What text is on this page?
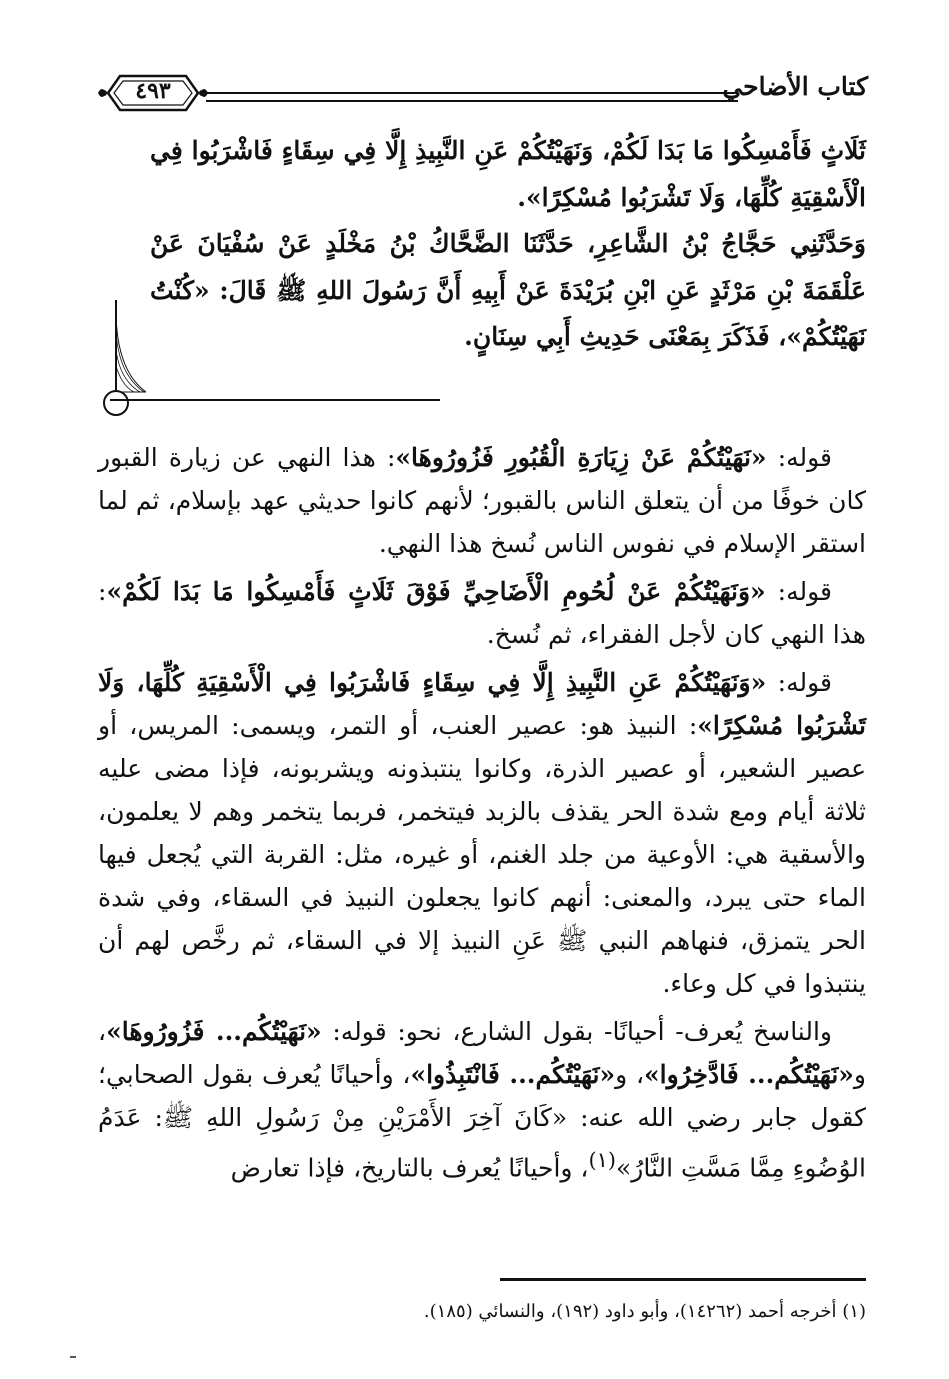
كتاب الأضاحي
٤٩٣

ثَلَاثٍ فَأَمْسِكُوا مَا بَدَا لَكُمْ، وَنَهَيْتُكُمْ عَنِ النَّبِيذِ إِلَّا فِي سِقَاءٍ فَاشْرَبُوا فِي الْأَسْقِيَةِ كُلِّهَا، وَلَا تَشْرَبُوا مُسْكِرًا».

وَحَدَّثَنِي حَجَّاجُ بْنُ الشَّاعِرِ، حَدَّثَنَا الضَّحَّاكُ بْنُ مَخْلَدٍ عَنْ سُفْيَانَ عَنْ عَلْقَمَةَ بْنِ مَرْثَدٍ عَنِ ابْنِ بُرَيْدَةَ عَنْ أَبِيهِ أَنَّ رَسُولَ اللهِ ﷺ قَالَ: «كُنْتُ نَهَيْتُكُمْ»، فَذَكَرَ بِمَعْنَى حَدِيثِ أَبِي سِنَانٍ.

قوله: «نَهَيْتُكُمْ عَنْ زِيَارَةِ الْقُبُورِ فَزُورُوهَا»: هذا النهي عن زيارة القبور كان خوفًا من أن يتعلق الناس بالقبور؛ لأنهم كانوا حديثي عهد بإسلام، ثم لما استقر الإسلام في نفوس الناس نُسخ هذا النهي.

قوله: «وَنَهَيْتُكُمْ عَنْ لُحُومِ الْأَضَاحِيِّ فَوْقَ ثَلَاثٍ فَأَمْسِكُوا مَا بَدَا لَكُمْ»: هذا النهي كان لأجل الفقراء، ثم نُسخ.

قوله: «وَنَهَيْتُكُمْ عَنِ النَّبِيذِ إِلَّا فِي سِقَاءٍ فَاشْرَبُوا فِي الْأَسْقِيَةِ كُلِّهَا، وَلَا تَشْرَبُوا مُسْكِرًا»: النبيذ هو: عصير العنب، أو التمر، ويسمى: المريس، أو عصير الشعير، أو عصير الذرة، وكانوا ينتبذونه ويشربونه، فإذا مضى عليه ثلاثة أيام ومع شدة الحر يقذف بالزبد فيتخمر، فربما يتخمر وهم لا يعلمون، والأسقية هي: الأوعية من جلد الغنم، أو غيره، مثل: القربة التي يُجعل فيها الماء حتى يبرد، والمعنى: أنهم كانوا يجعلون النبيذ في السقاء، وفي شدة الحر يتمزق، فنهاهم النبي ﷺ عَنِ النبيذ إلا في السقاء، ثم رخَّص لهم أن ينتبذوا في كل وعاء.

والناسخ يُعرف- أحيانًا- بقول الشارع، نحو: قوله: «نَهَيْتُكُم... فَزُورُوهَا»، و«نَهَيْتُكُم... فَادَّخِرُوا»، و«نَهَيْتُكُم... فَانْتَبِذُوا»، وأحيانًا يُعرف بقول الصحابي؛ كقول جابر رضي الله عنه: «كَانَ آخِرَ الأَمْرَيْنِ مِنْ رَسُولِ اللهِ ﷺ: عَدَمُ الوُضُوءِ مِمَّا مَسَّتِ النَّارُ»$^{(١)}$، وأحيانًا يُعرف بالتاريخ، فإذا تعارض

(١) أخرجه أحمد (١٤٢٦٢)، وأبو داود (١٩٢)، والنسائي (١٨٥).
